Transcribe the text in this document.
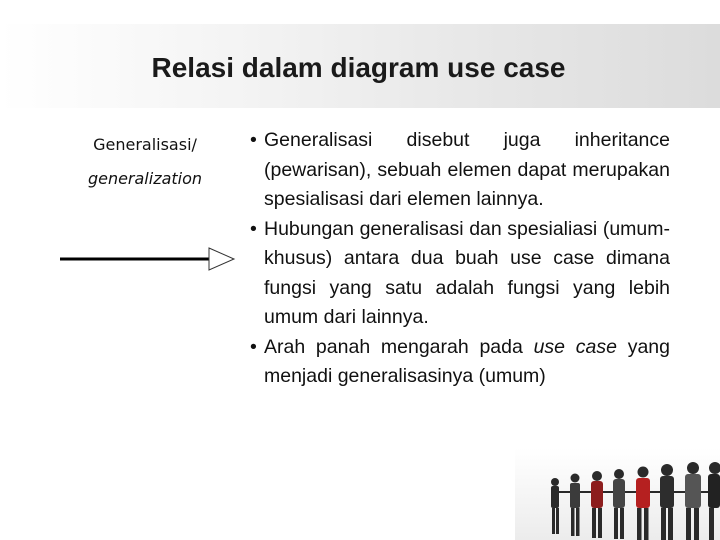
Relasi dalam diagram use case
Generalisasi/
generalization
• Generalisasi disebut juga inheritance (pewarisan), sebuah elemen dapat merupakan spesialisasi dari elemen lainnya.
• Hubungan generalisasi dan spesialiasi (umum-khusus) antara dua buah use case dimana fungsi yang satu adalah fungsi yang lebih umum dari lainnya.
• Arah panah mengarah pada use case yang menjadi generalisasinya (umum)
